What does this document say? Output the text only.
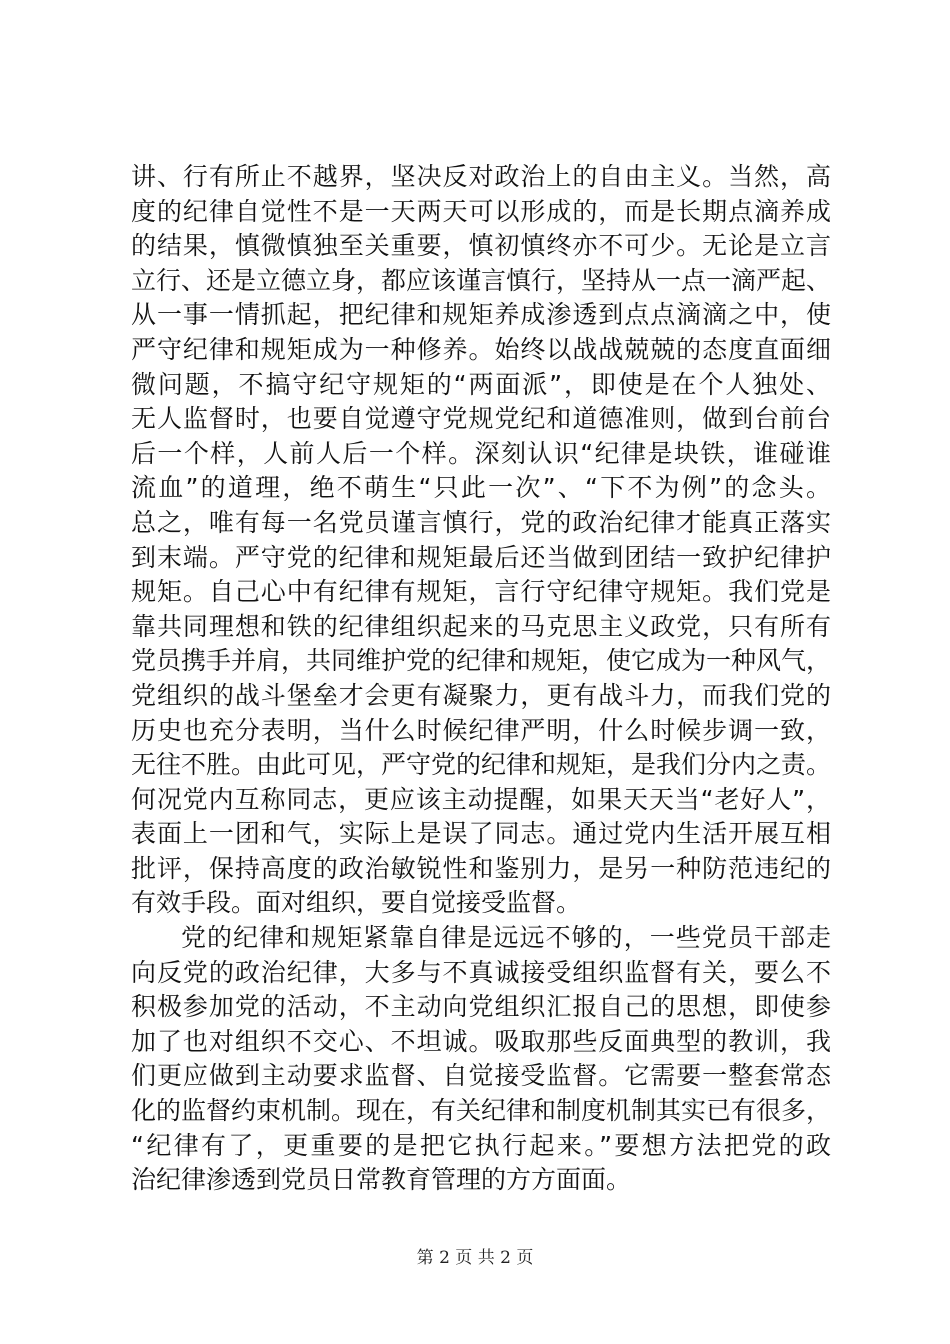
讲、行有所止不越界，坚决反对政治上的自由主义。当然，高
度的纪律自觉性不是一天两天可以形成的，而是长期点滴养成
的结果，慎微慎独至关重要，慎初慎终亦不可少。无论是立言
立行、还是立德立身，都应该谨言慎行，坚持从一点一滴严起、
从一事一情抓起，把纪律和规矩养成渗透到点点滴滴之中，使
严守纪律和规矩成为一种修养。始终以战战兢兢的态度直面细
微问题，不搞守纪守规矩的“两面派”，即使是在个人独处、
无人监督时，也要自觉遵守党规党纪和道德准则，做到台前台
后一个样，人前人后一个样。深刻认识“纪律是块铁，谁碰谁
流血”的道理，绝不萌生“只此一次”、“下不为例”的念头。
总之，唯有每一名党员谨言慎行，党的政治纪律才能真正落实
到末端。严守党的纪律和规矩最后还当做到团结一致护纪律护
规矩。自己心中有纪律有规矩，言行守纪律守规矩。我们党是
靠共同理想和铁的纪律组织起来的马克思主义政党，只有所有
党员携手并肩，共同维护党的纪律和规矩，使它成为一种风气，
党组织的战斗堡垒才会更有凝聚力，更有战斗力，而我们党的
历史也充分表明，当什么时候纪律严明，什么时候步调一致，
无往不胜。由此可见，严守党的纪律和规矩，是我们分内之责。
何况党内互称同志，更应该主动提醒，如果天天当“老好人”，
表面上一团和气，实际上是误了同志。通过党内生活开展互相
批评，保持高度的政治敏锐性和鉴别力，是另一种防范违纪的
有效手段。面对组织，要自觉接受监督。
党的纪律和规矩紧靠自律是远远不够的，一些党员干部走
向反党的政治纪律，大多与不真诚接受组织监督有关，要么不
积极参加党的活动，不主动向党组织汇报自己的思想，即使参
加了也对组织不交心、不坦诚。吸取那些反面典型的教训，我
们更应做到主动要求监督、自觉接受监督。它需要一整套常态
化的监督约束机制。现在，有关纪律和制度机制其实已有很多，
“纪律有了，更重要的是把它执行起来。”要想方法把党的政
治纪律渗透到党员日常教育管理的方方面面。
第 2 页 共 2 页
